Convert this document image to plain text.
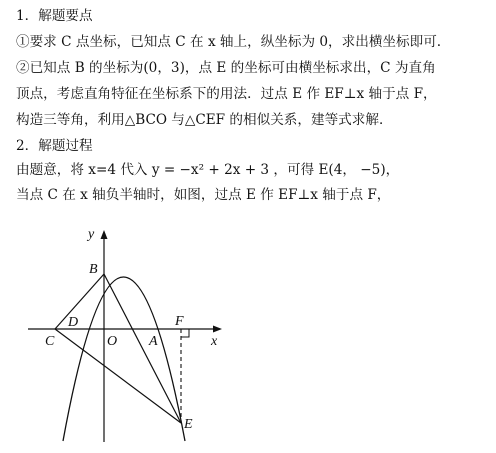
1．解题要点
①要求 C 点坐标，已知点 C 在 x 轴上，纵坐标为 0，求出横坐标即可.
②已知点 B 的坐标为(0，3)，点 E 的坐标可由横坐标求出，C 为直角
顶点，考虑直角特征在坐标系下的用法．过点 E 作 EF⊥x 轴于点 F，
构造三等角，利用△BCO 与△CEF 的相似关系，建等式求解．
2．解题过程
由题意，将 x=4 代入 y = −x² + 2x + 3 ，可得 E(4， −5)，
当点 C 在 x 轴负半轴时，如图，过点 E 作 EF⊥x 轴于点 F，
y
x
B
D
C	O A
F
E
